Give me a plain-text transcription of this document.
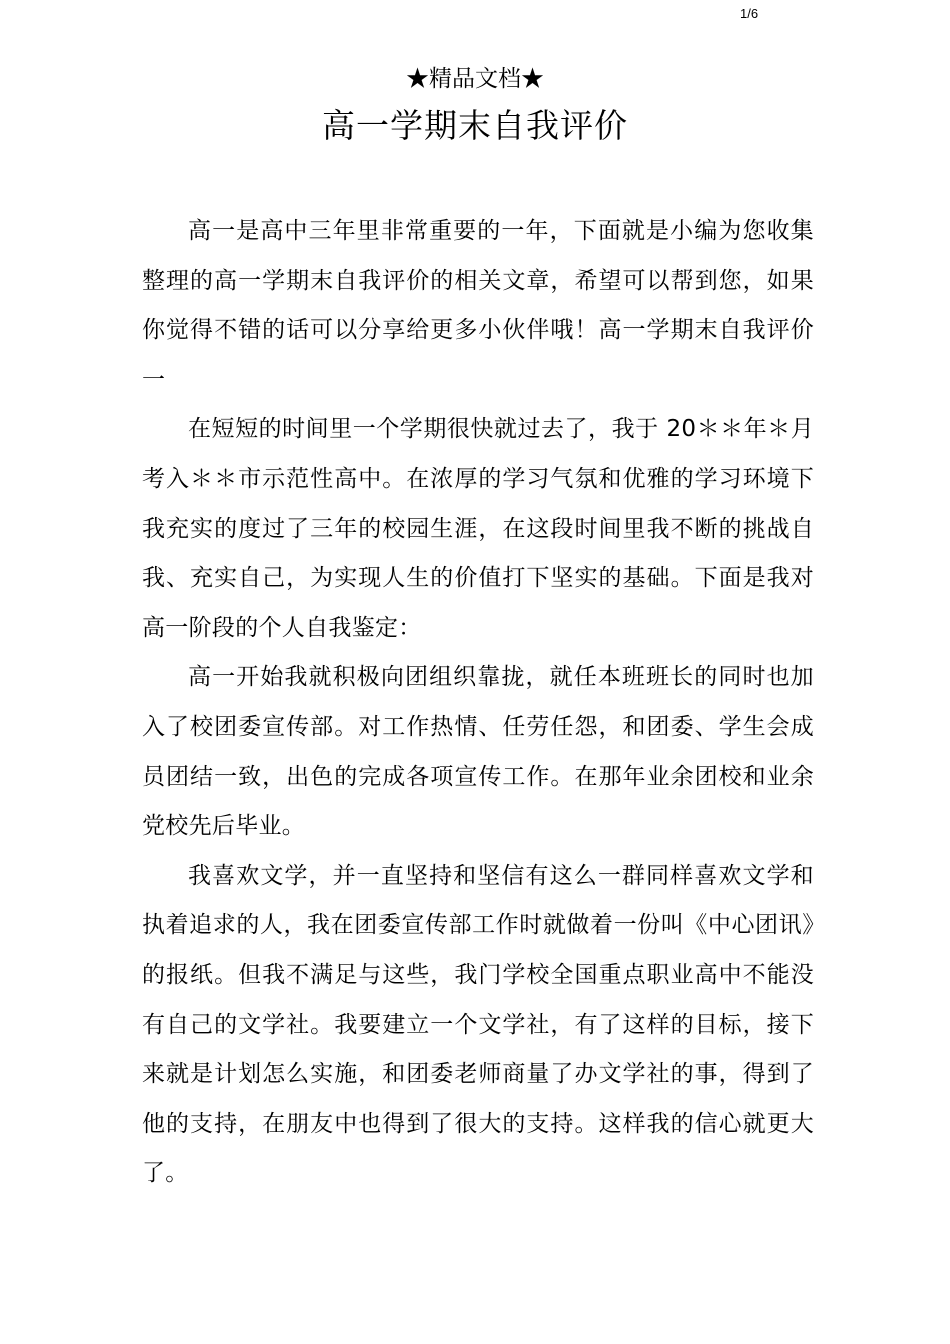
1/6
★精品文档★
高一学期末自我评价

高一是高中三年里非常重要的一年，下面就是小编为您收集整理的高一学期末自我评价的相关文章，希望可以帮到您，如果你觉得不错的话可以分享给更多小伙伴哦！高一学期末自我评价一

在短短的时间里一个学期很快就过去了，我于 20＊＊年＊月考入＊＊市示范性高中。在浓厚的学习气氛和优雅的学习环境下我充实的度过了三年的校园生涯，在这段时间里我不断的挑战自我、充实自己，为实现人生的价值打下坚实的基础。下面是我对高一阶段的个人自我鉴定：

高一开始我就积极向团组织靠拢，就任本班班长的同时也加入了校团委宣传部。对工作热情、任劳任怨，和团委、学生会成员团结一致，出色的完成各项宣传工作。在那年业余团校和业余党校先后毕业。

我喜欢文学，并一直坚持和坚信有这么一群同样喜欢文学和执着追求的人，我在团委宣传部工作时就做着一份叫《中心团讯》的报纸。但我不满足与这些，我门学校全国重点职业高中不能没有自己的文学社。我要建立一个文学社，有了这样的目标，接下来就是计划怎么实施，和团委老师商量了办文学社的事，得到了他的支持，在朋友中也得到了很大的支持。这样我的信心就更大了。
